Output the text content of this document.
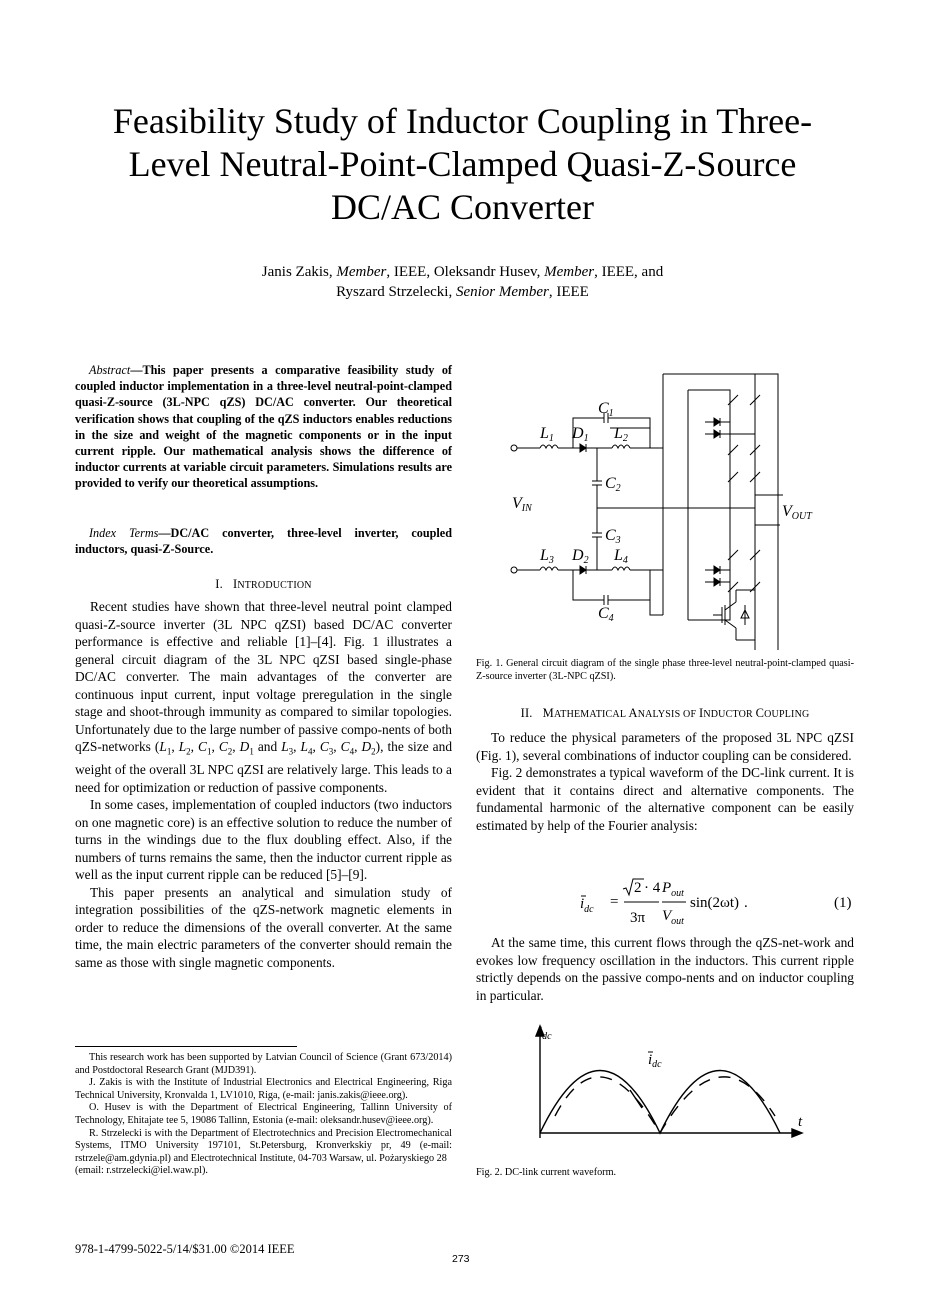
Feasibility Study of Inductor Coupling in Three-
Level Neutral-Point-Clamped Quasi-Z-Source
DC/AC Converter
Janis Zakis, Member, IEEE, Oleksandr Husev, Member, IEEE, and
Ryszard Strzelecki, Senior Member, IEEE
Abstract—This paper presents a comparative feasibility study of coupled inductor implementation in a three-level neutral-point-clamped quasi-Z-source (3L-NPC qZS) DC/AC converter. Our theoretical verification shows that coupling of the qZS inductors enables reductions in the size and weight of the magnetic components or in the input current ripple. Our mathematical analysis shows the difference of inductor currents at variable circuit parameters. Simulations results are provided to verify our theoretical assumptions.
Index Terms—DC/AC converter, three-level inverter, coupled inductors, quasi-Z-Source.
I. INTRODUCTION

Recent studies have shown that three-level neutral point clamped quasi-Z-source inverter (3L NPC qZSI) based DC/AC converter performance is effective and reliable [1]–[4]. Fig. 1 illustrates a general circuit diagram of the 3L NPC qZSI based single-phase DC/AC converter. The main advantages of the converter are continuous input current, input voltage preregulation in the single stage and shoot-through immunity as compared to similar topologies. Unfortunately due to the large number of passive compo-nents of both qZS-networks ($L_1$, $L_2$, $C_1$, $C_2$, $D_1$ and $L_3$, $L_4$, $C_3$, $C_4$, $D_2$), the size and weight of the overall 3L NPC qZSI are relatively large. This leads to a need for optimization or reduction of passive components.

In some cases, implementation of coupled inductors (two inductors on one magnetic core) is an effective solution to reduce the number of turns in the windings due to the flux doubling effect. Also, if the numbers of turns remains the same, then the inductor current ripple as well as the input current ripple can be reduced [5]–[9].

This paper presents an analytical and simulation study of integration possibilities of the qZS-network magnetic elements in order to reduce the dimensions of the overall converter. At the same time, the main electric parameters of the converter should remain the same as those with single magnetic components.

This research work has been supported by Latvian Council of Science (Grant 673/2014) and Postdoctoral Research Grant (MJD391).

J. Zakis is with the Institute of Industrial Electronics and Electrical Engineering, Riga Technical University, Kronvalda 1, LV1010, Riga, (e-mail: janis.zakis@ieee.org).

O. Husev is with the Department of Electrical Engineering, Tallinn University of Technology, Ehitajate tee 5, 19086 Tallinn, Estonia (e-mail: oleksandr.husev@ieee.org).

R. Strzelecki is with the Department of Electrotechnics and Precision Electromechanical Systems, ITMO University 197101, St.Petersburg, Kronverkskiy pr, 49 (e-mail: rstrzele@am.gdynia.pl) and Electrotechnical Institute, 04-703 Warsaw, ul. Pożaryskiego 28

(email: r.strzelecki@iel.waw.pl).

C1
L1 D1 L2
C2
VIN
C3
L3 D2 L4
C4
VOUT
Fig. 1. General circuit diagram of the single phase three-level neutral-point-clamped quasi-Z-source inverter (3L-NPC qZSI).
II. MATHEMATICAL ANALYSIS OF INDUCTOR COUPLING

To reduce the physical parameters of the proposed 3L NPC qZSI (Fig. 1), several combinations of inductor coupling can be considered.

Fig. 2 demonstrates a typical waveform of the DC-link current. It is evident that it contains direct and alternative components. The fundamental harmonic of the alternative component can be easily estimated by help of the Fourier analysis:

$i_{dc}$ =
2 · 4
3π
$P_{out}$
$V_{out}$
sin(2ωt) .	(1)

At the same time, this current flows through the qZS-net-work and evokes low frequency oscillation in the inductors. This current ripple strictly depends on the passive compo-nents and on inductor coupling in particular.

$i_{dc}$
$i_{dc}$
t
Fig. 2. DC-link current waveform.
978-1-4799-5022-5/14/$31.00 ©2014 IEEE
273
